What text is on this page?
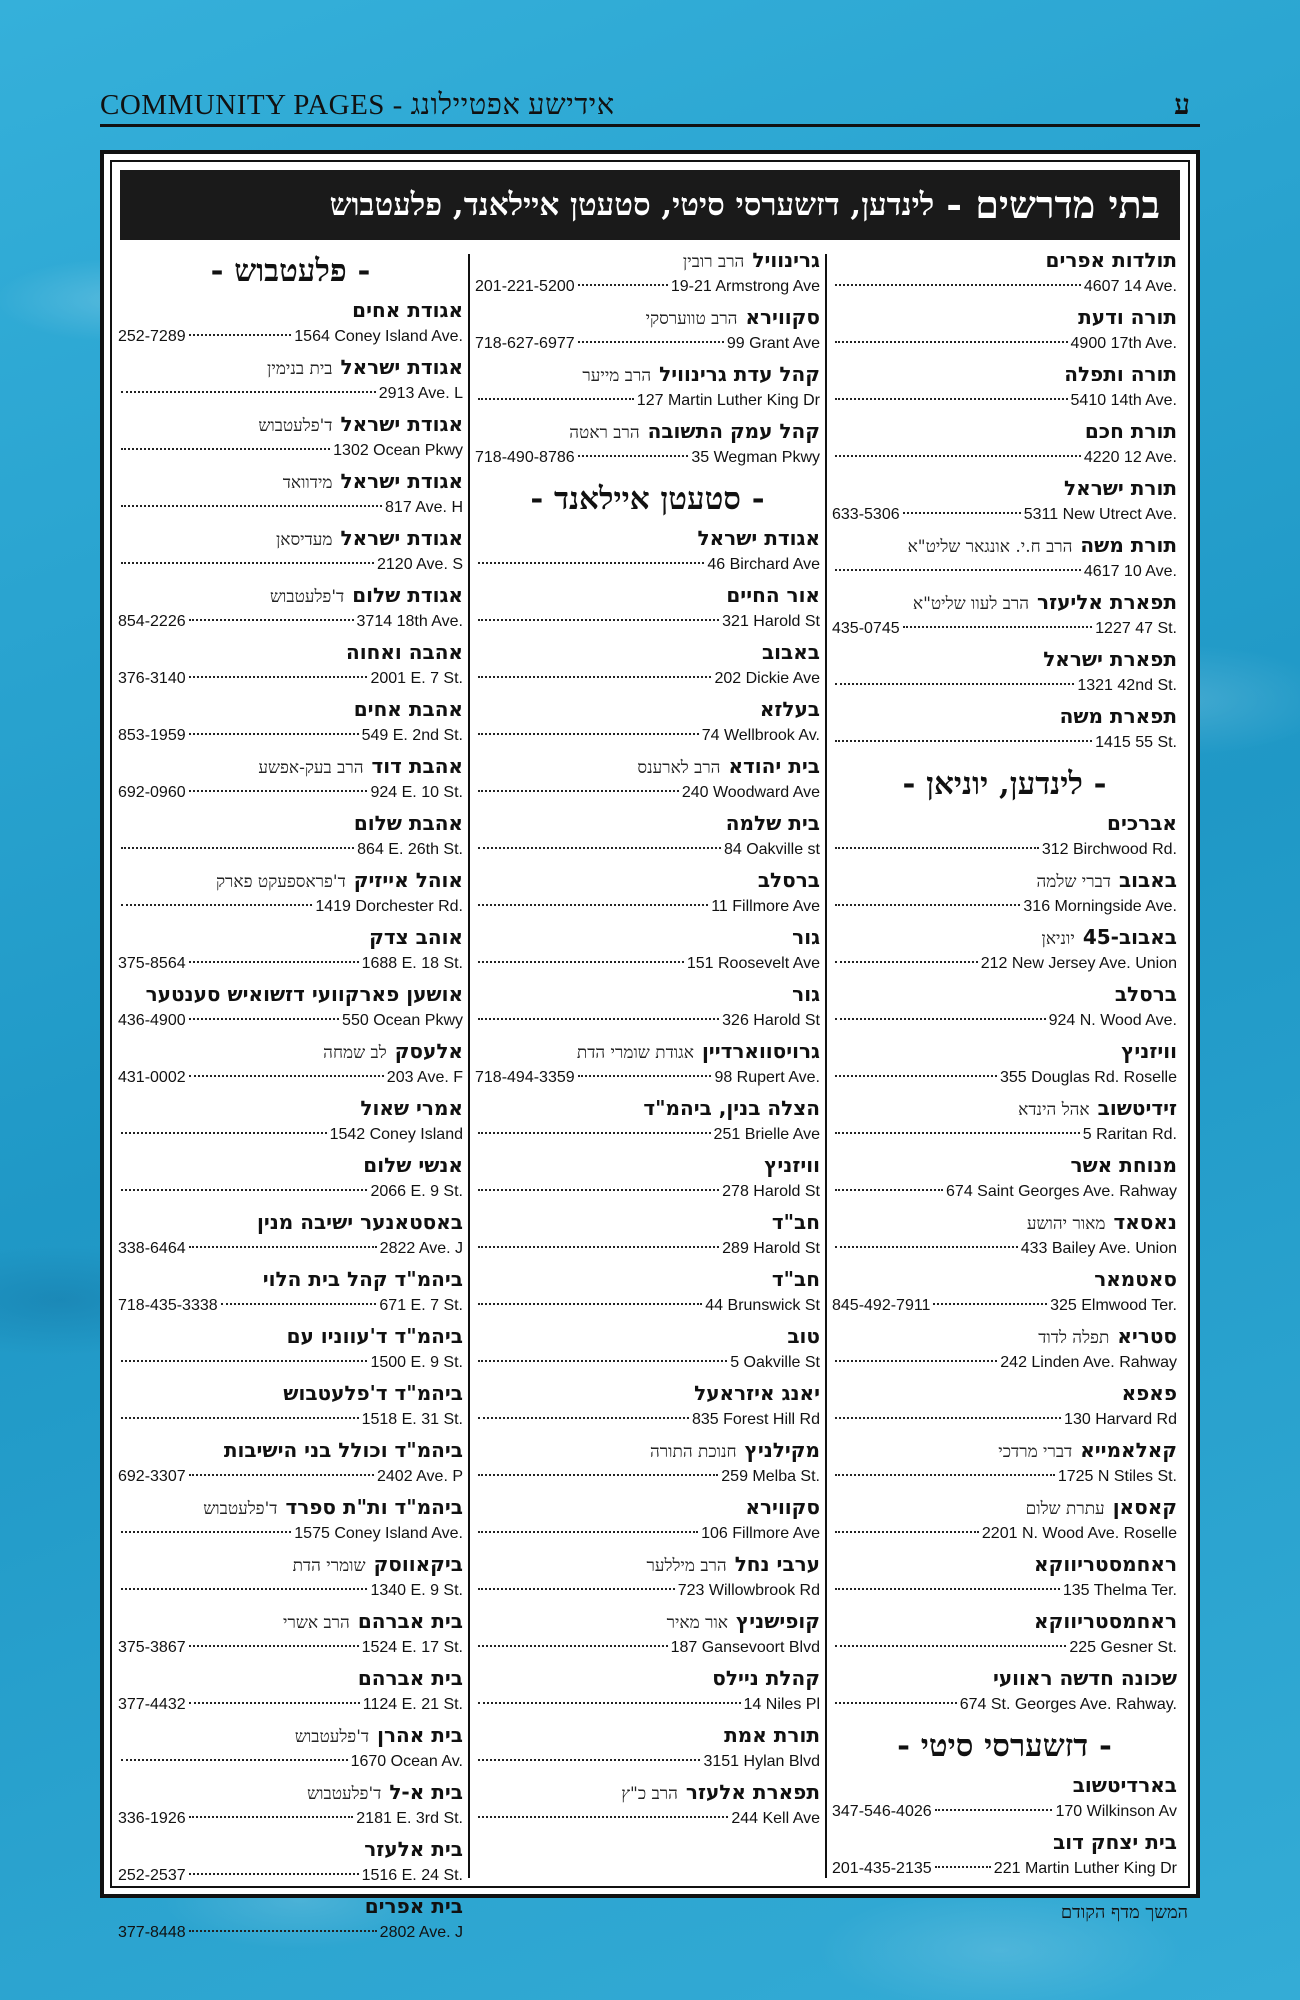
COMMUNITY PAGES - אידישע אפטיילונג	ע
בתי מדרשים -
לינדען, דזשערסי סיטי, סטעטן איילאנד, פלעטבוש
תולדות אפרים
4607 14 Ave.
תורה ודעת
4900 17th Ave.
תורה ותפלה
5410 14th Ave.
תורת חכם
4220 12 Ave.
תורת ישראל
633-5306	5311 New Utrect Ave.
תורת משההרב ח.י. אונגאר שליט"א
4617 10 Ave.
תפארת אליעזרהרב לעוו שליט"א
435-0745	1227 47 St.
תפארת ישראל
1321 42nd St.
תפארת משה
1415 55 St.
- לינדען, יוניאן -
אברכים
312 Birchwood Rd.
באבובדברי שלמה
316 Morningside Ave.
באבוב-45יוניאן
212 New Jersey Ave. Union
ברסלב
924 N. Wood Ave.
וויזניץ
355 Douglas Rd. Roselle
זידיטשובאהל הינדא
5 Raritan Rd.
מנוחת אשר
674 Saint Georges Ave. Rahway
נאסאדמאור יהושע
433 Bailey Ave. Union
סאטמאר
845-492-7911	325 Elmwood Ter.
סטריאתפלה לדוד
242 Linden Ave. Rahway
פאפא
130 Harvard Rd
קאלאמייאדברי מרדכי
1725 N Stiles St.
קאסאןעתרת שלום
2201 N. Wood Ave. Roselle
ראחמסטריווקא
135 Thelma Ter.
ראחמסטריווקא
225 Gesner St.
שכונה חדשה ראוועי
674 St. Georges Ave. Rahway.
- דזשערסי סיטי -
בארדיטשוב
347-546-4026	170 Wilkinson Av
בית יצחק דוב
201-435-2135	221 Martin Luther King Dr
גרינווילהרב רובין
201-221-5200	19-21 Armstrong Ave
סקוויראהרב טווערסקי
718-627-6977	99 Grant Ave
קהל עדת גרינווילהרב מייער
127 Martin Luther King Dr
קהל עמק התשובההרב ראטה
718-490-8786	35 Wegman Pkwy
- סטעטן איילאנד -
אגודת ישראל
46 Birchard Ave
אור החיים
321 Harold St
באבוב
202 Dickie Ave
בעלזא
74 Wellbrook Av.
בית יהודאהרב לארענס
240 Woodward Ave
בית שלמה
84 Oakville st
ברסלב
11 Fillmore Ave
גור
151 Roosevelt Ave
גור
326 Harold St
גרויסווארדייןאגודת שומרי הדת
718-494-3359	98 Rupert Ave.
הצלה בנין, ביהמ"ד
251 Brielle Ave
וויזניץ
278 Harold St
חב"ד
289 Harold St
חב"ד
44 Brunswick St
טוב
5 Oakville St
יאנג איזראעל
835 Forest Hill Rd
מקילניץחנוכת התורה
259 Melba St.
סקווירא
106 Fillmore Ave
ערבי נחלהרב מיללער
723 Willowbrook Rd
קופישניץאור מאיר
187 Gansevoort Blvd
קהלת ניילס
14 Niles Pl
תורת אמת
3151 Hylan Blvd
תפארת אלעזרהרב כ"ץ
244 Kell Ave
- פלעטבוש -
אגודת אחים
252-7289	1564 Coney Island Ave.
אגודת ישראלבית בנימין
2913 Ave. L
אגודת ישראלד'פלעטבוש
1302 Ocean Pkwy
אגודת ישראלמידוואד
817 Ave. H
אגודת ישראלמעדיסאן
2120 Ave. S
אגודת שלוםד'פלעטבוש
854-2226	3714 18th Ave.
אהבה ואחוה
376-3140	2001 E. 7 St.
אהבת אחים
853-1959	549 E. 2nd St.
אהבת דודהרב בעק-אפשע
692-0960	924 E. 10 St.
אהבת שלום
864 E. 26th St.
אוהל אייזיקד'פראספעקט פארק
1419 Dorchester Rd.
אוהב צדק
375-8564	1688 E. 18 St.
אושען פארקוועי דזשואיש סענטער
436-4900	550 Ocean Pkwy
אלעסקלב שמחה
431-0002	203 Ave. F
אמרי שאול
1542 Coney Island
אנשי שלום
2066 E. 9 St.
באסטאנער ישיבה מנין
338-6464	2822 Ave. J
ביהמ"ד קהל בית הלוי
718-435-3338	671 E. 7 St.
ביהמ"ד ד'עווניו עם
1500 E. 9 St.
ביהמ"ד ד'פלעטבוש
1518 E. 31 St.
ביהמ"ד וכולל בני הישיבות
692-3307	2402 Ave. P
ביהמ"ד ות"ת ספרדד'פלעטבוש
1575 Coney Island Ave.
ביקאווסקשומרי הדת
1340 E. 9 St.
בית אברהםהרב אשרי
375-3867	1524 E. 17 St.
בית אברהם
377-4432	1124 E. 21 St.
בית אהרןד'פלעטבוש
1670 Ocean Av.
בית א-לד'פלעטבוש
336-1926	2181 E. 3rd St.
בית אלעזר
252-2537	1516 E. 24 St.
בית אפרים
377-8448	2802 Ave. J
המשך מדף הקודם
